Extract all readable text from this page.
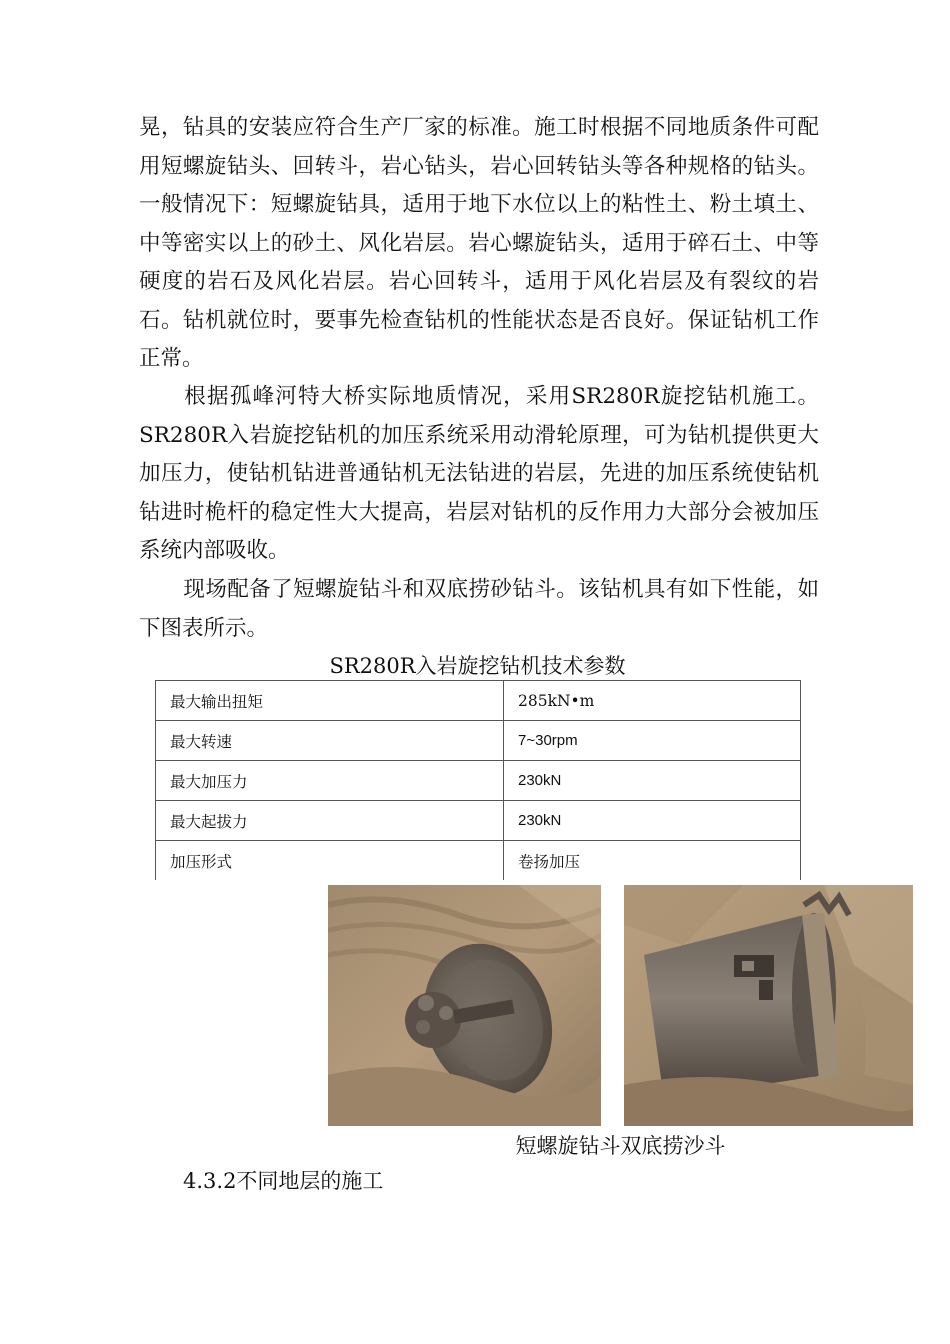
晃，钻具的安装应符合生产厂家的标准。施工时根据不同地质条件可配用短螺旋钻头、回转斗，岩心钻头，岩心回转钻头等各种规格的钻头。一般情况下：短螺旋钻具，适用于地下水位以上的粘性土、粉土填土、中等密实以上的砂土、风化岩层。岩心螺旋钻头，适用于碎石土、中等硬度的岩石及风化岩层。岩心回转斗，适用于风化岩层及有裂纹的岩石。钻机就位时，要事先检查钻机的性能状态是否良好。保证钻机工作正常。

根据孤峰河特大桥实际地质情况，采用SR280R旋挖钻机施工。SR280R入岩旋挖钻机的加压系统采用动滑轮原理，可为钻机提供更大加压力，使钻机钻进普通钻机无法钻进的岩层，先进的加压系统使钻机钻进时桅杆的稳定性大大提高，岩层对钻机的反作用力大部分会被加压系统内部吸收。

现场配备了短螺旋钻斗和双底捞砂钻斗。该钻机具有如下性能，如下图表所示。

SR280R入岩旋挖钻机技术参数
最大输出扭矩	285kN•m
最大转速	7~30rpm
最大加压力	230kN
最大起拔力	230kN
加压形式	卷扬加压
短螺旋钻斗双底捞沙斗
4.3.2不同地层的施工
